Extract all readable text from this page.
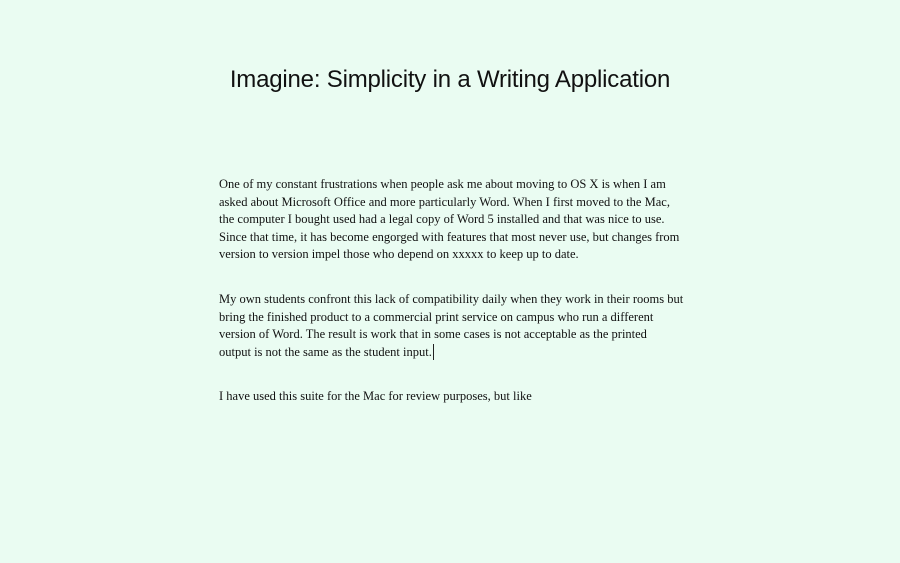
Imagine: Simplicity in a Writing Application
One of my constant frustrations when people ask me about moving to OS X is when I am
asked about Microsoft Office and more particularly Word. When I first moved to the Mac,
the computer I bought used had a legal copy of Word 5 installed and that was nice to use.
Since that time, it has become engorged with features that most never use, but changes from
version to version impel those who depend on xxxxx to keep up to date.
My own students confront this lack of compatibility daily when they work in their rooms but
bring the finished product to a commercial print service on campus who run a different
version of Word. The result is work that in some cases is not acceptable as the printed
output is not the same as the student input.
I have used this suite for the Mac for review purposes, but like
